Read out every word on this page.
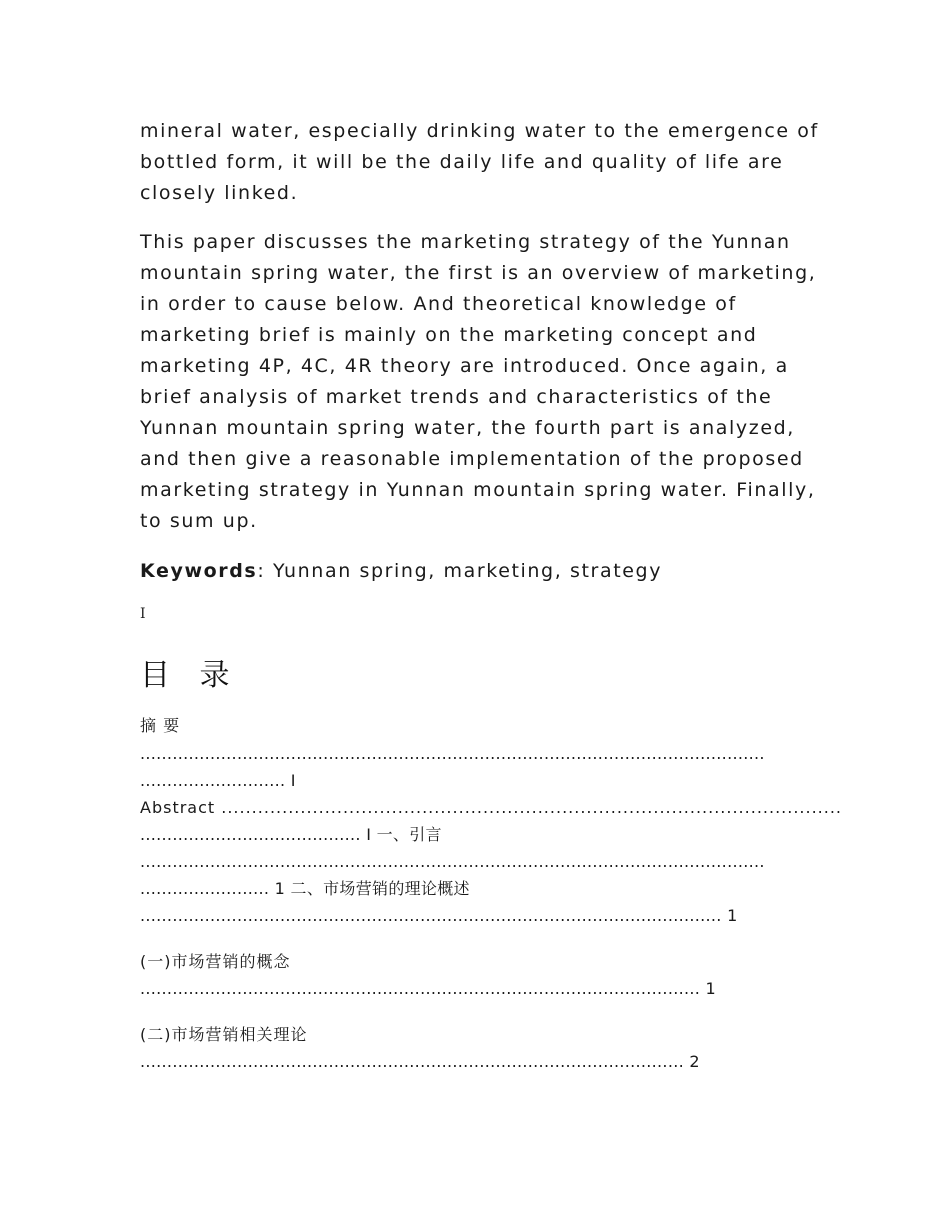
mineral water, especially drinking water to the emergence of bottled form, it will be the daily life and quality of life are closely linked.

This paper discusses the marketing strategy of the Yunnan mountain spring water, the first is an overview of marketing, in order to cause below. And theoretical knowledge of marketing brief is mainly on the marketing concept and marketing 4P, 4C, 4R theory are introduced. Once again, a brief analysis of market trends and characteristics of the Yunnan mountain spring water, the fourth part is analyzed, and then give a reasonable implementation of the proposed marketing strategy in Yunnan mountain spring water. Finally, to sum up.

Keywords: Yunnan spring, marketing, strategy

I
目 录
摘 要
....................................................................................................................
........................... I
Abstract ......................................................................................................
......................................... I 一、引言
....................................................................................................................
........................ 1 二、市场营销的理论概述
............................................................................................................ 1
(一)市场营销的概念
........................................................................................................ 1
(二)市场营销相关理论
..................................................................................................... 2
